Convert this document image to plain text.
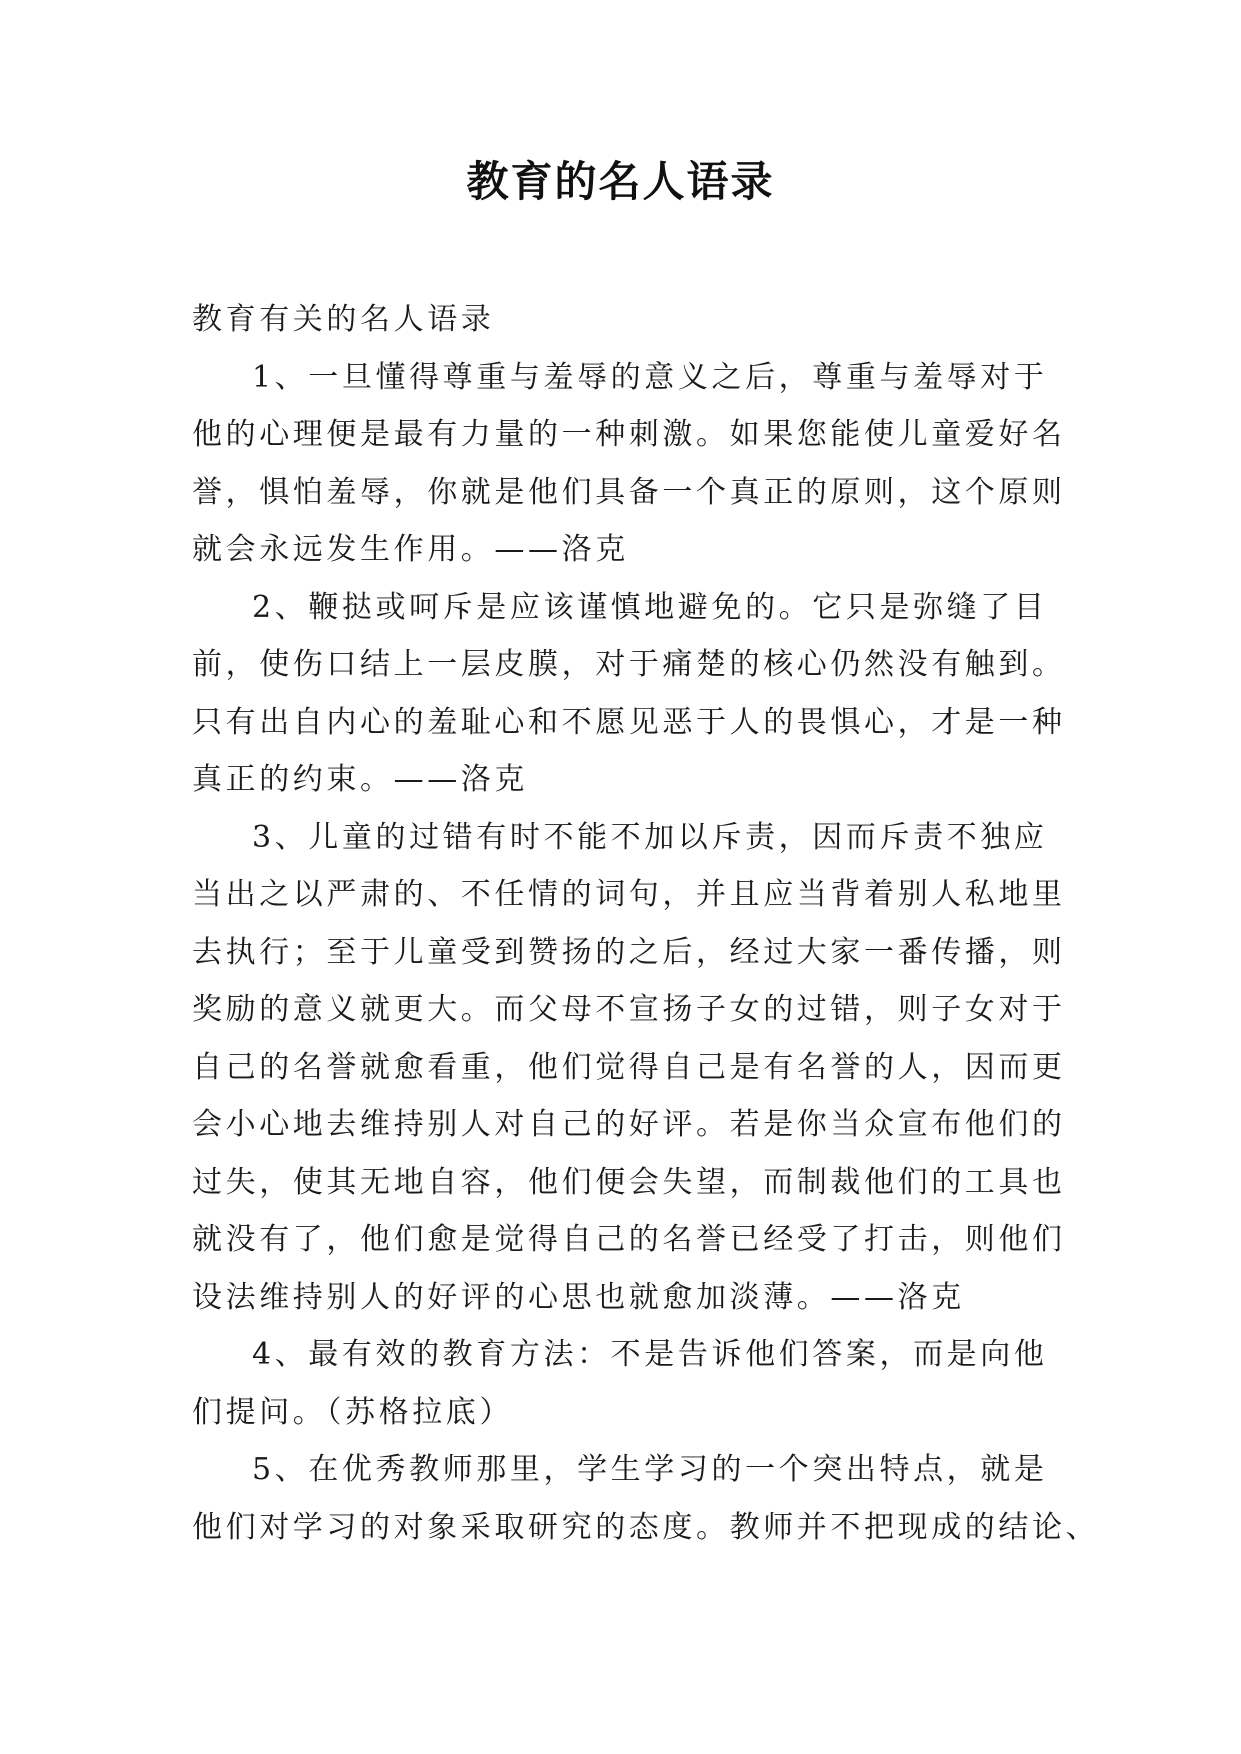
教育的名人语录
教育有关的名人语录
1、一旦懂得尊重与羞辱的意义之后，尊重与羞辱对于
他的心理便是最有力量的一种刺激。如果您能使儿童爱好名
誉，惧怕羞辱，你就是他们具备一个真正的原则，这个原则
就会永远发生作用。——洛克
2、鞭挞或呵斥是应该谨慎地避免的。它只是弥缝了目
前，使伤口结上一层皮膜，对于痛楚的核心仍然没有触到。
只有出自内心的羞耻心和不愿见恶于人的畏惧心，才是一种
真正的约束。——洛克
3、儿童的过错有时不能不加以斥责，因而斥责不独应
当出之以严肃的、不任情的词句，并且应当背着别人私地里
去执行；至于儿童受到赞扬的之后，经过大家一番传播，则
奖励的意义就更大。而父母不宣扬子女的过错，则子女对于
自己的名誉就愈看重，他们觉得自己是有名誉的人，因而更
会小心地去维持别人对自己的好评。若是你当众宣布他们的
过失，使其无地自容，他们便会失望，而制裁他们的工具也
就没有了，他们愈是觉得自己的名誉已经受了打击，则他们
设法维持别人的好评的心思也就愈加淡薄。——洛克
4、最有效的教育方法：不是告诉他们答案，而是向他
们提问。（苏格拉底）
5、在优秀教师那里，学生学习的一个突出特点，就是
他们对学习的对象采取研究的态度。教师并不把现成的结论、
